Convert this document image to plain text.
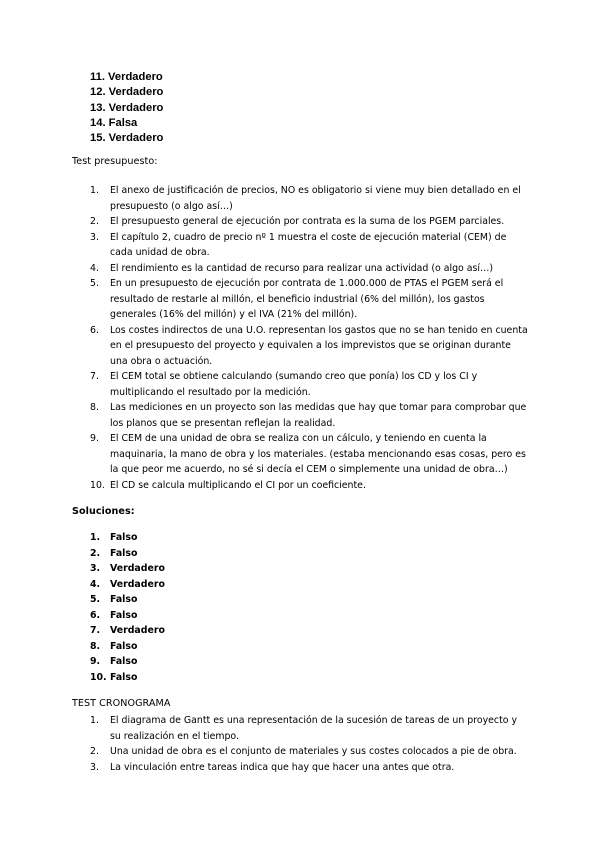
11. Verdadero
12. Verdadero
13. Verdadero
14. Falsa
15. Verdadero

Test presupuesto:

1. El anexo de justificación de precios, NO es obligatorio si viene muy bien detallado en el presupuesto (o algo así…)
2. El presupuesto general de ejecución por contrata es la suma de los PGEM parciales.
3. El capítulo 2, cuadro de precio nº 1 muestra el coste de ejecución material (CEM) de cada unidad de obra.
4. El rendimiento es la cantidad de recurso para realizar una actividad (o algo así…)
5. En un presupuesto de ejecución por contrata de 1.000.000 de PTAS el PGEM será el resultado de restarle al millón, el beneficio industrial (6% del millón), los gastos generales (16% del millón) y el IVA (21% del millón).
6. Los costes indirectos de una U.O. representan los gastos que no se han tenido en cuenta en el presupuesto del proyecto y equivalen a los imprevistos que se originan durante una obra o actuación.
7. El CEM total se obtiene calculando (sumando creo que ponía) los CD y los CI y multiplicando el resultado por la medición.
8. Las mediciones en un proyecto son las medidas que hay que tomar para comprobar que los planos que se presentan reflejan la realidad.
9. El CEM de una unidad de obra se realiza con un cálculo, y teniendo en cuenta la maquinaria, la mano de obra y los materiales. (estaba mencionando esas cosas, pero es la que peor me acuerdo, no sé si decía el CEM o simplemente una unidad de obra…)
10. El CD se calcula multiplicando el CI por un coeficiente.

Soluciones:

1. Falso
2. Falso
3. Verdadero
4. Verdadero
5. Falso
6. Falso
7. Verdadero
8. Falso
9. Falso
10. Falso

TEST CRONOGRAMA

1. El diagrama de Gantt es una representación de la sucesión de tareas de un proyecto y su realización en el tiempo.
2. Una unidad de obra es el conjunto de materiales y sus costes colocados a pie de obra.
3. La vinculación entre tareas indica que hay que hacer una antes que otra.
